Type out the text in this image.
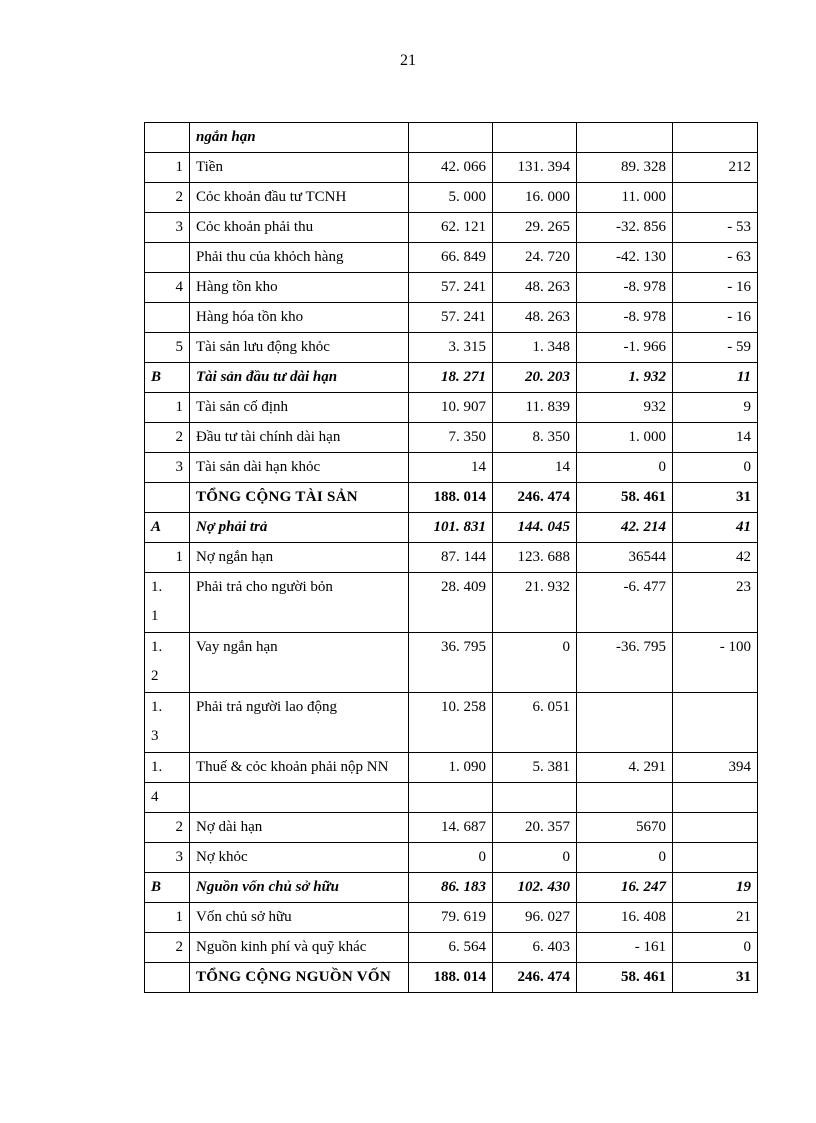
21
	ngắn hạn				
1	Tiền	42. 066	131. 394	89. 328	212
2	Cỏc khoản đầu tư TCNH	5. 000	16. 000	11. 000	
3	Cỏc khoản phải thu	62. 121	29. 265	-32. 856	- 53
	Phải thu của khỏch hàng	66. 849	24. 720	-42. 130	- 63
4	Hàng tồn kho	57. 241	48. 263	-8. 978	- 16
	Hàng hóa tồn kho	57. 241	48. 263	-8. 978	- 16
5	Tài sản lưu động khỏc	3. 315	1. 348	-1. 966	- 59
B	Tài sản đầu tư dài hạn	18. 271	20. 203	1. 932	11
1	Tài sản cố định	10. 907	11. 839	932	9
2	Đầu tư tài chính dài hạn	7. 350	8. 350	1. 000	14
3	Tài sản dài hạn khỏc	14	14	0	0
	TỔNG CỘNG TÀI SẢN	188. 014	246. 474	58. 461	31
A	Nợ phải trả	101. 831	144. 045	42. 214	41
1	Nợ ngắn hạn	87. 144	123. 688	36544	42

1.
1	Phải trả cho người bỏn	28. 409	21. 932	-6. 477	23

1.
2	Vay ngắn hạn	36. 795	0	-36. 795	- 100

1.
3	Phải trả người lao động	10. 258	6. 051		
1.	Thuế & cỏc khoản phải nộp NN	1. 090	5. 381	4. 291	394
4					
2	Nợ dài hạn	14. 687	20. 357	5670	
3	Nợ khỏc	0	0	0	
B	Nguồn vốn chủ sở hữu	86. 183	102. 430	16. 247	19
1	Vốn chủ sở hữu	79. 619	96. 027	16. 408	21
2	Nguồn kinh phí và quỹ khác	6. 564	6. 403	- 161	0
	TỔNG CỘNG NGUỒN VỐN	188. 014	246. 474	58. 461	31
